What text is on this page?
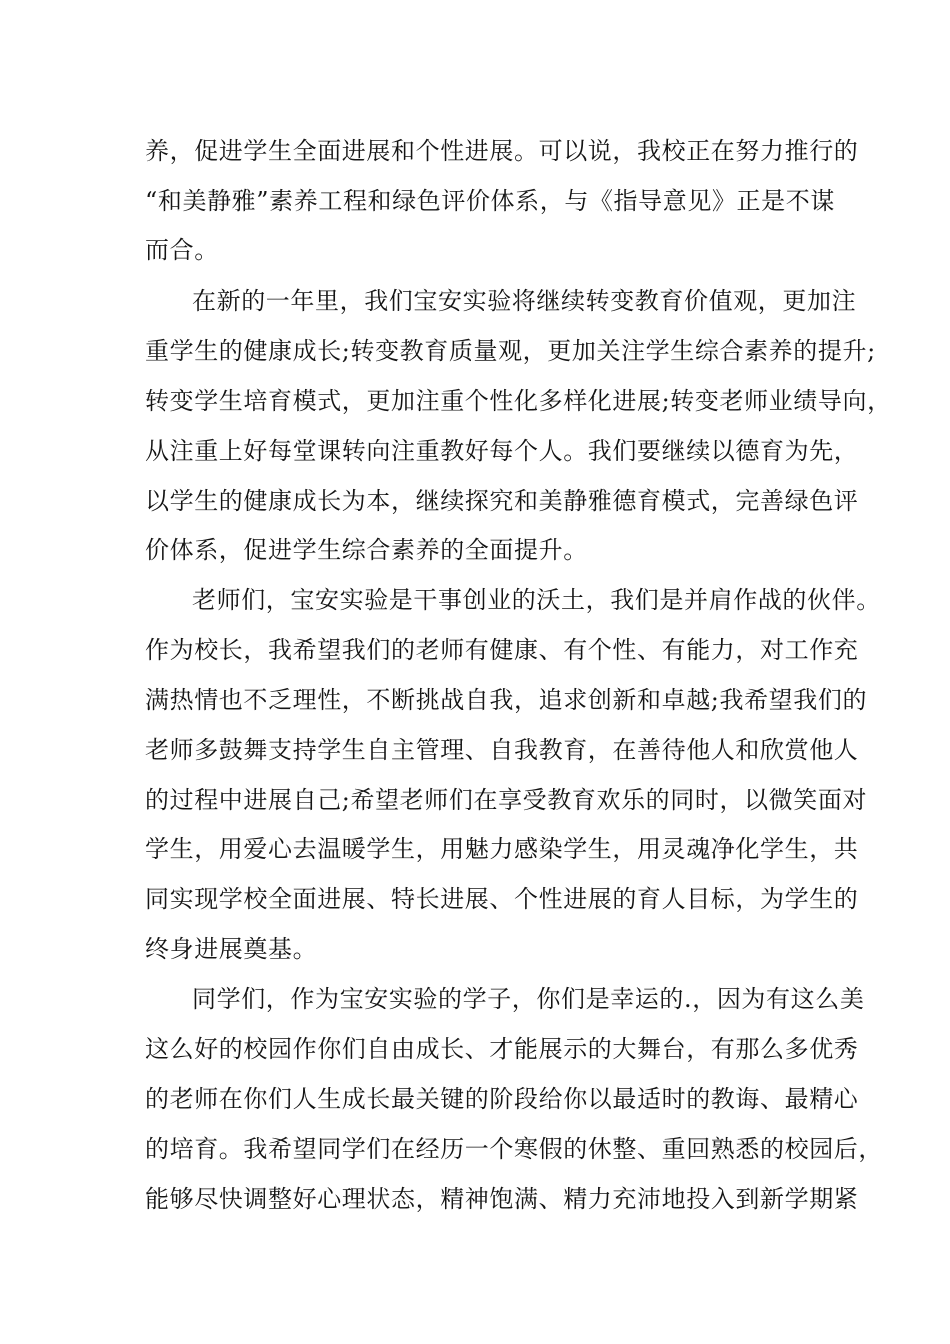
养，促进学生全面进展和个性进展。可以说，我校正在努力推行的
“和美静雅”素养工程和绿色评价体系，与《指导意见》正是不谋
而合。
在新的一年里，我们宝安实验将继续转变教育价值观，更加注
重学生的健康成长;转变教育质量观，更加关注学生综合素养的提升;
转变学生培育模式，更加注重个性化多样化进展;转变老师业绩导向，
从注重上好每堂课转向注重教好每个人。我们要继续以德育为先，
以学生的健康成长为本，继续探究和美静雅德育模式，完善绿色评
价体系，促进学生综合素养的全面提升。
老师们，宝安实验是干事创业的沃土，我们是并肩作战的伙伴。
作为校长，我希望我们的老师有健康、有个性、有能力，对工作充
满热情也不乏理性，不断挑战自我，追求创新和卓越;我希望我们的
老师多鼓舞支持学生自主管理、自我教育，在善待他人和欣赏他人
的过程中进展自己;希望老师们在享受教育欢乐的同时，以微笑面对
学生，用爱心去温暖学生，用魅力感染学生，用灵魂净化学生，共
同实现学校全面进展、特长进展、个性进展的育人目标，为学生的
终身进展奠基。
同学们，作为宝安实验的学子，你们是幸运的.，因为有这么美
这么好的校园作你们自由成长、才能展示的大舞台，有那么多优秀
的老师在你们人生成长最关键的阶段给你以最适时的教诲、最精心
的培育。我希望同学们在经历一个寒假的休整、重回熟悉的校园后，
能够尽快调整好心理状态，精神饱满、精力充沛地投入到新学期紧
